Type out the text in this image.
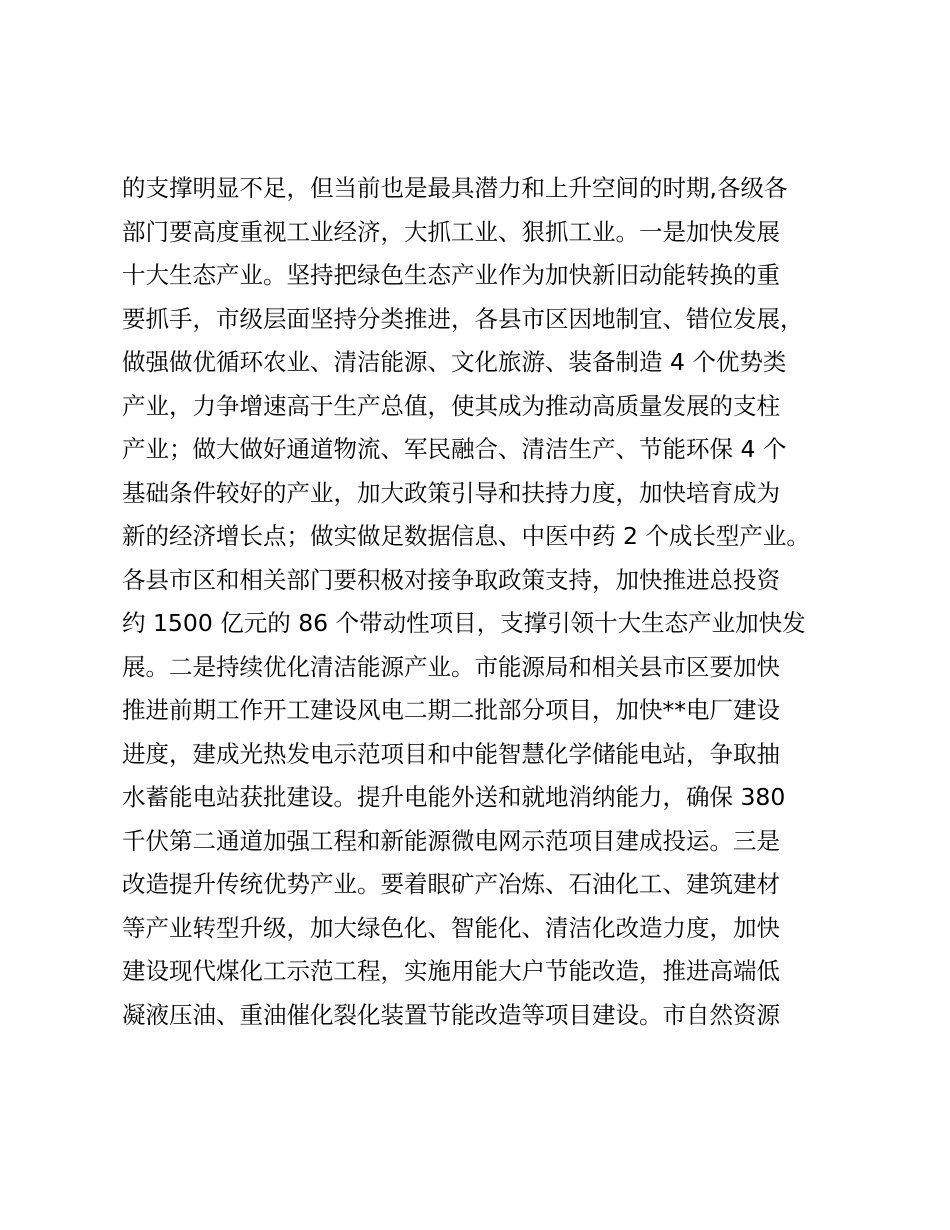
的支撑明显不足，但当前也是最具潜力和上升空间的时期,各级各
部门要高度重视工业经济，大抓工业、狠抓工业。一是加快发展
十大生态产业。坚持把绿色生态产业作为加快新旧动能转换的重
要抓手，市级层面坚持分类推进，各县市区因地制宜、错位发展，
做强做优循环农业、清洁能源、文化旅游、装备制造 4 个优势类
产业，力争增速高于生产总值，使其成为推动高质量发展的支柱
产业；做大做好通道物流、军民融合、清洁生产、节能环保 4 个
基础条件较好的产业，加大政策引导和扶持力度，加快培育成为
新的经济增长点；做实做足数据信息、中医中药 2 个成长型产业。
各县市区和相关部门要积极对接争取政策支持，加快推进总投资
约 1500 亿元的 86 个带动性项目，支撑引领十大生态产业加快发
展。二是持续优化清洁能源产业。市能源局和相关县市区要加快
推进前期工作开工建设风电二期二批部分项目，加快**电厂建设
进度，建成光热发电示范项目和中能智慧化学储能电站，争取抽
水蓄能电站获批建设。提升电能外送和就地消纳能力，确保 380
千伏第二通道加强工程和新能源微电网示范项目建成投运。三是
改造提升传统优势产业。要着眼矿产冶炼、石油化工、建筑建材
等产业转型升级，加大绿色化、智能化、清洁化改造力度，加快
建设现代煤化工示范工程，实施用能大户节能改造，推进高端低
凝液压油、重油催化裂化装置节能改造等项目建设。市自然资源
